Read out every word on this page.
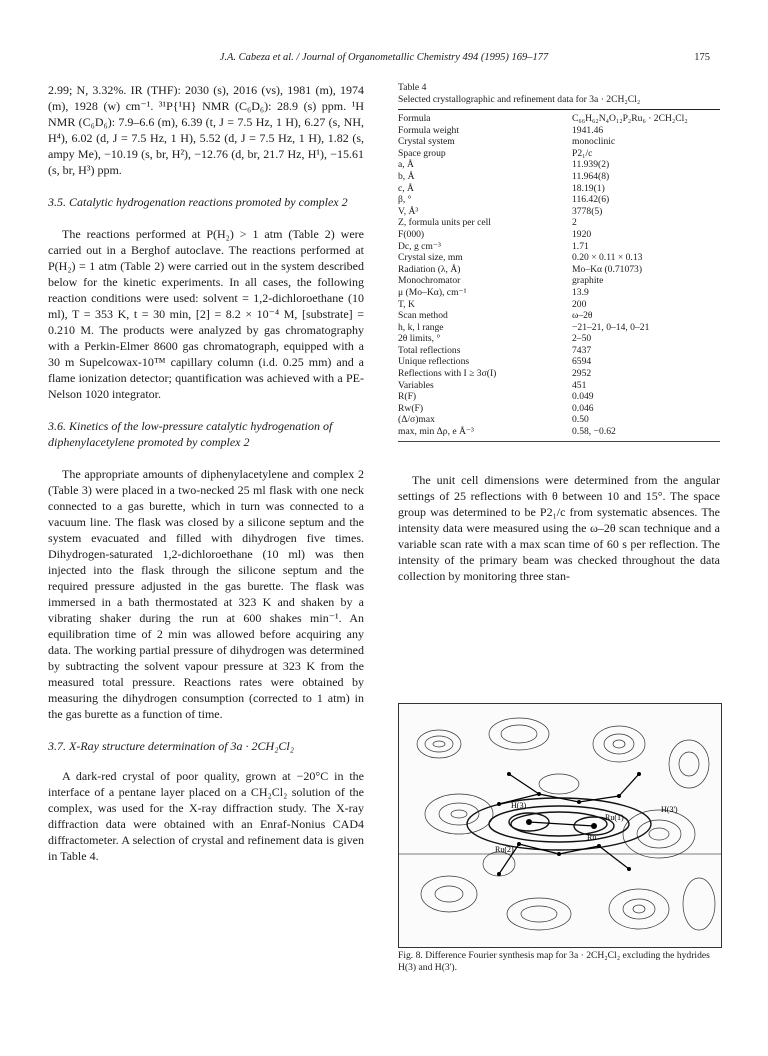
J.A. Cabeza et al. / Journal of Organometallic Chemistry 494 (1995) 169–177	175

2.99; N, 3.32%. IR (THF): 2030 (s), 2016 (vs), 1981 (m), 1974 (m), 1928 (w) cm⁻¹. ³¹P{¹H} NMR (C₆D₆): 28.9 (s) ppm. ¹H NMR (C₆D₆): 7.9–6.6 (m), 6.39 (t, J = 7.5 Hz, 1 H), 6.27 (s, NH, H⁴), 6.02 (d, J = 7.5 Hz, 1 H), 5.52 (d, J = 7.5 Hz, 1 H), 1.82 (s, ampy Me), −10.19 (s, br, H²), −12.76 (d, br, 21.7 Hz, H¹), −15.61 (s, br, H³) ppm.

3.5. Catalytic hydrogenation reactions promoted by complex 2

The reactions performed at P(H₂) > 1 atm (Table 2) were carried out in a Berghof autoclave. The reactions performed at P(H₂) = 1 atm (Table 2) were carried out in the system described below for the kinetic experiments. In all cases, the following reaction conditions were used: solvent = 1,2-dichloroethane (10 ml), T = 353 K, t = 30 min, [2] = 8.2 × 10⁻⁴ M, [substrate] = 0.210 M. The products were analyzed by gas chromatography with a Perkin-Elmer 8600 gas chromatograph, equipped with a 30 m Supelcowax-10™ capillary column (i.d. 0.25 mm) and a flame ionization detector; quantification was achieved with a PE-Nelson 1020 integrator.

3.6. Kinetics of the low-pressure catalytic hydrogenation of diphenylacetylene promoted by complex 2

The appropriate amounts of diphenylacetylene and complex 2 (Table 3) were placed in a two-necked 25 ml flask with one neck connected to a gas burette, which in turn was connected to a vacuum line. The flask was closed by a silicone septum and the system evacuated and filled with dihydrogen five times. Dihydrogen-saturated 1,2-dichloroethane (10 ml) was then injected into the flask through the silicone septum and the required pressure adjusted in the gas burette. The flask was immersed in a bath thermostated at 323 K and shaken by a vibrating shaker during the run at 600 shakes min⁻¹. An equilibration time of 2 min was allowed before acquiring any data. The working partial pressure of dihydrogen was determined by subtracting the solvent vapour pressure at 323 K from the measured total pressure. Reactions rates were obtained by measuring the dihydrogen consumption (corrected to 1 atm) in the gas burette as a function of time.

3.7. X-Ray structure determination of 3a · 2CH₂Cl₂

A dark-red crystal of poor quality, grown at −20°C in the interface of a pentane layer placed on a CH₂Cl₂ solution of the complex, was used for the X-ray diffraction study. The X-ray diffraction data were obtained with an Enraf-Nonius CAD4 diffractometer. A selection of crystal and refinement data is given in Table 4.

Table 4
Selected crystallographic and refinement data for 3a · 2CH₂Cl₂
Formula	C₆₆H₆₂N₄O₁₂P₂Ru₆ · 2CH₂Cl₂
Formula weight	1941.46
Crystal system	monoclinic
Space group	P2₁/c
a, Å	11.939(2)
b, Å	11.964(8)
c, Å	18.19(1)
β, °	116.42(6)
V, Å³	3778(5)
Z, formula units per cell	2
F(000)	1920
Dc, g cm⁻³	1.71
Crystal size, mm	0.20 × 0.11 × 0.13
Radiation (λ, Å)	Mo–Kα (0.71073)
Monochromator	graphite
μ (Mo–Kα), cm⁻¹	13.9
T, K	200
Scan method	ω–2θ
h, k, l range	−21–21, 0–14, 0–21
2θ limits, °	2–50
Total reflections	7437
Unique reflections	6594
Reflections with I ≥ 3σ(I)	2952
Variables	451
R(F)	0.049
Rw(F)	0.046
(Δ/σ)max	0.50
max, min Δρ, e Å⁻³	0.58, −0.62

The unit cell dimensions were determined from the angular settings of 25 reflections with θ between 10 and 15°. The space group was determined to be P2₁/c from systematic absences. The intensity data were measured using the ω–2θ scan technique and a variable scan rate with a max scan time of 60 s per reflection. The intensity of the primary beam was checked throughout the data collection by monitoring three stan-

H(3)
Ru(2)
Ru(1)
Ru
H(3')
Fig. 8. Difference Fourier synthesis map for 3a · 2CH₂Cl₂ excluding the hydrides H(3) and H(3').
